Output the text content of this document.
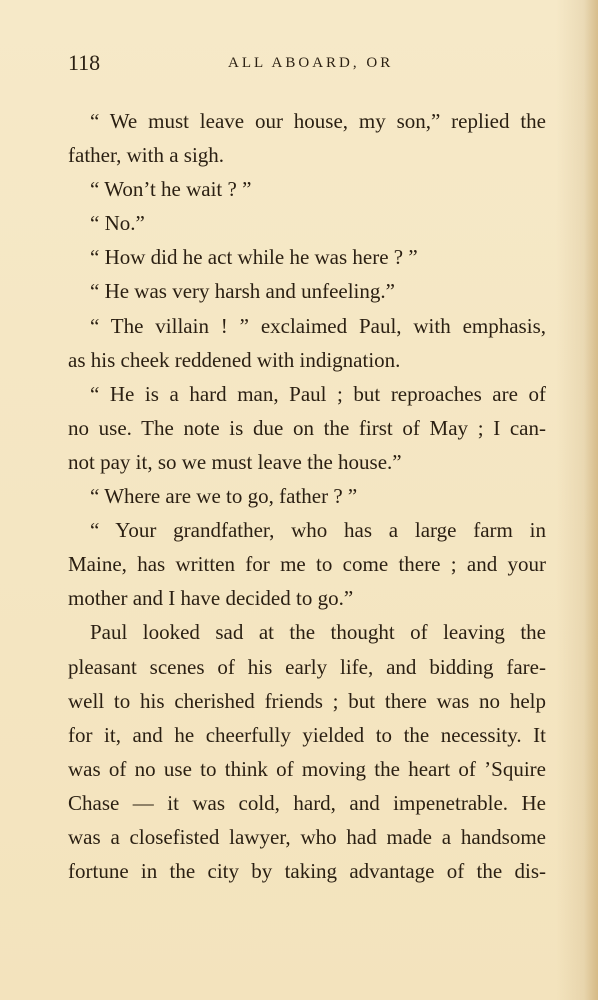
118	ALL ABOARD, OR
“ We must leave our house, my son,” replied the
father, with a sigh.
“ Won’t he wait ? ”
“ No.”
“ How did he act while he was here ? ”
“ He was very harsh and unfeeling.”
“ The villain ! ” exclaimed Paul, with emphasis,
as his cheek reddened with indignation.
“ He is a hard man, Paul ; but reproaches are of
no use. The note is due on the first of May ; I can-
not pay it, so we must leave the house.”
“ Where are we to go, father ? ”
“ Your grandfather, who has a large farm in
Maine, has written for me to come there ; and your
mother and I have decided to go.”
Paul looked sad at the thought of leaving the
pleasant scenes of his early life, and bidding fare-
well to his cherished friends ; but there was no help
for it, and he cheerfully yielded to the necessity. It
was of no use to think of moving the heart of ’Squire
Chase — it was cold, hard, and impenetrable. He
was a closefisted lawyer, who had made a handsome
fortune in the city by taking advantage of the dis-
